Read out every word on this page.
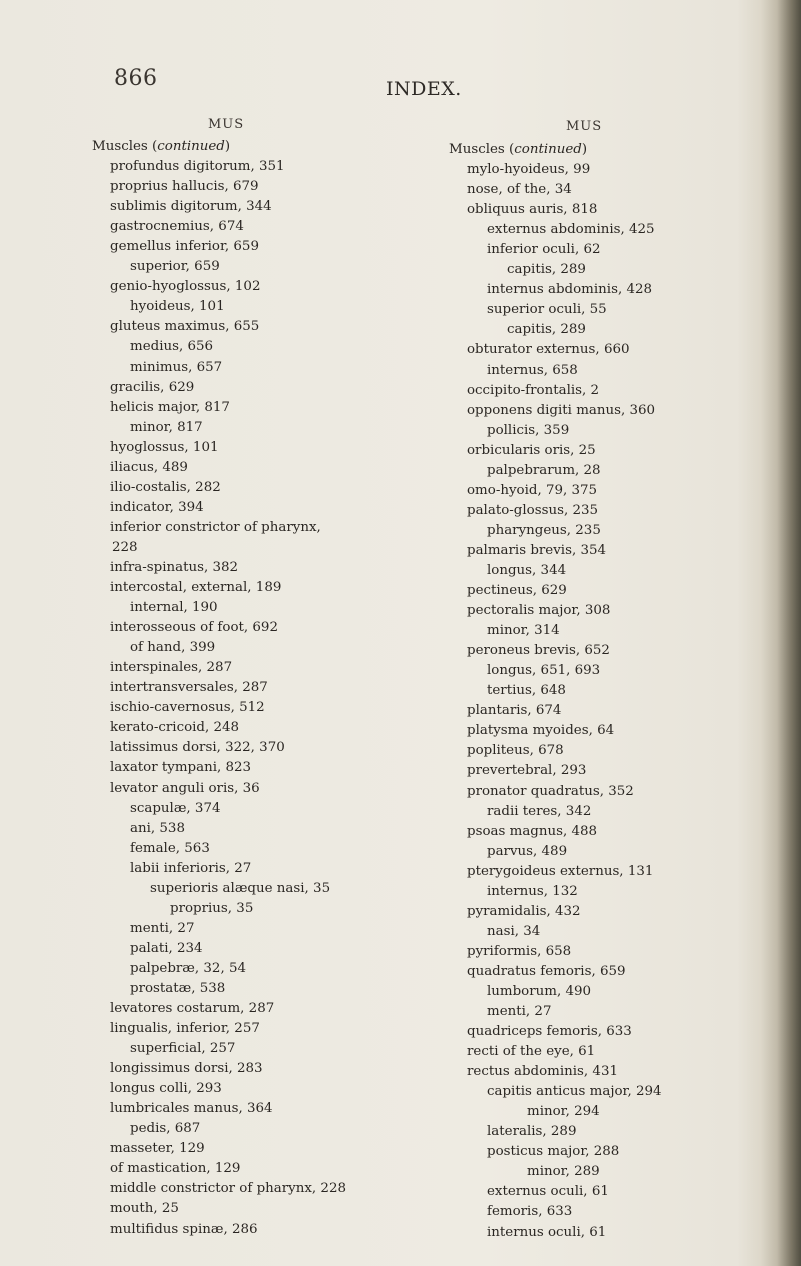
866	INDEX.
MUS	MUS
Muscles (continued)
profundus digitorum, 351
proprius hallucis, 679
sublimis digitorum, 344
gastrocnemius, 674
gemellus inferior, 659
superior, 659
genio-hyoglossus, 102
hyoideus, 101
gluteus maximus, 655
medius, 656
minimus, 657
gracilis, 629
helicis major, 817
minor, 817
hyoglossus, 101
iliacus, 489
ilio-costalis, 282
indicator, 394
inferior constrictor of pharynx,
228
infra-spinatus, 382
intercostal, external, 189
internal, 190
interosseous of foot, 692
of hand, 399
interspinales, 287
intertransversales, 287
ischio-cavernosus, 512
kerato-cricoid, 248
latissimus dorsi, 322, 370
laxator tympani, 823
levator anguli oris, 36
scapulæ, 374
ani, 538
female, 563
labii inferioris, 27
superioris alæque nasi, 35
proprius, 35
menti, 27
palati, 234
palpebræ, 32, 54
prostatæ, 538
levatores costarum, 287
lingualis, inferior, 257
superficial, 257
longissimus dorsi, 283
longus colli, 293
lumbricales manus, 364
pedis, 687
masseter, 129
of mastication, 129
middle constrictor of pharynx, 228
mouth, 25
multifidus spinæ, 286
Muscles (continued)
mylo-hyoideus, 99
nose, of the, 34
obliquus auris, 818
externus abdominis, 425
inferior oculi, 62
capitis, 289
internus abdominis, 428
superior oculi, 55
capitis, 289
obturator externus, 660
internus, 658
occipito-frontalis, 2
opponens digiti manus, 360
pollicis, 359
orbicularis oris, 25
palpebrarum, 28
omo-hyoid, 79, 375
palato-glossus, 235
pharyngeus, 235
palmaris brevis, 354
longus, 344
pectineus, 629
pectoralis major, 308
minor, 314
peroneus brevis, 652
longus, 651, 693
tertius, 648
plantaris, 674
platysma myoides, 64
popliteus, 678
prevertebral, 293
pronator quadratus, 352
radii teres, 342
psoas magnus, 488
parvus, 489
pterygoideus externus, 131
internus, 132
pyramidalis, 432
nasi, 34
pyriformis, 658
quadratus femoris, 659
lumborum, 490
menti, 27
quadriceps femoris, 633
recti of the eye, 61
rectus abdominis, 431
capitis anticus major, 294
minor, 294
lateralis, 289
posticus major, 288
minor, 289
externus oculi, 61
femoris, 633
internus oculi, 61
